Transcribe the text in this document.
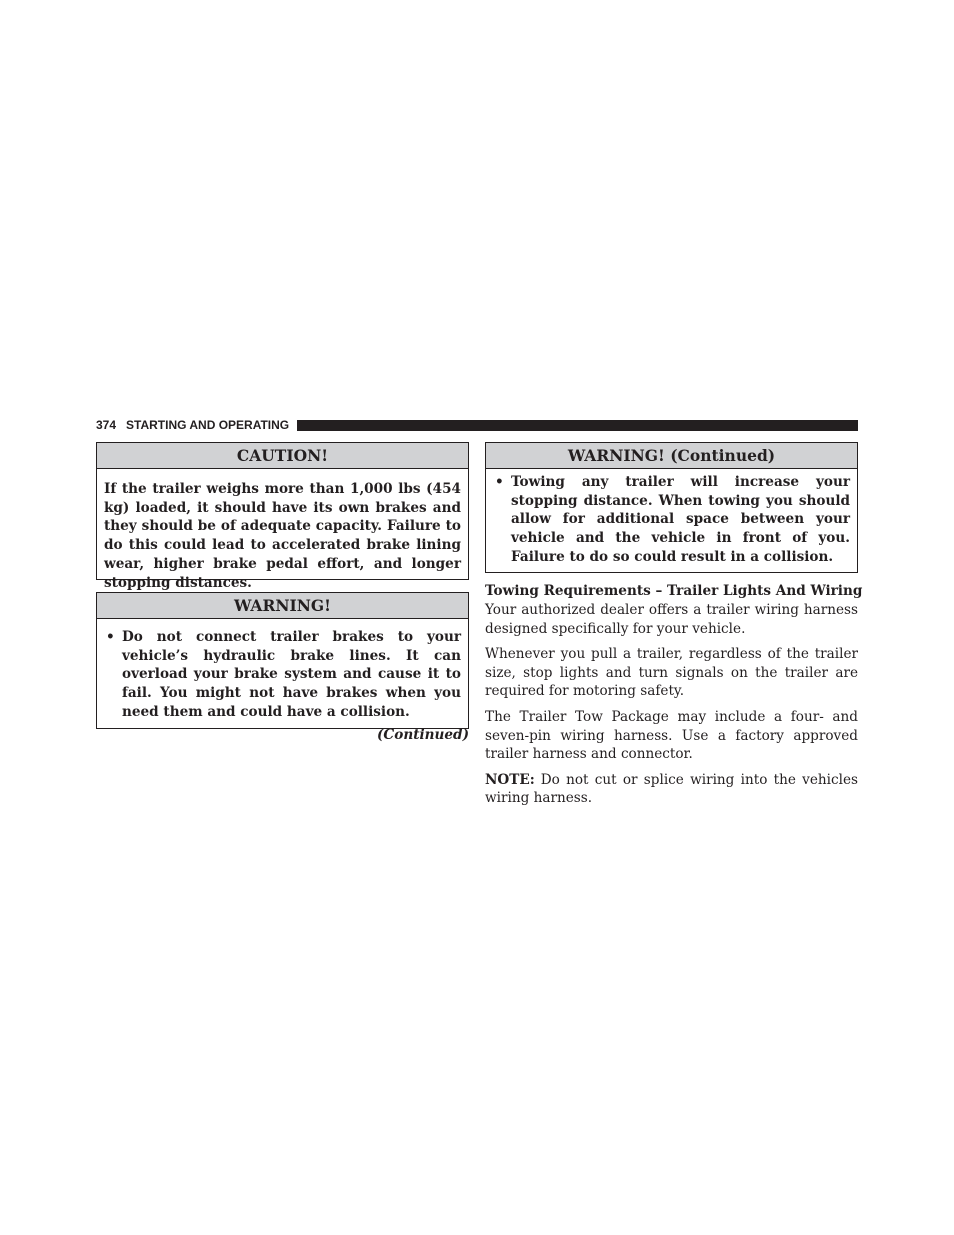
374 STARTING AND OPERATING
CAUTION!
If the trailer weighs more than 1,000 lbs (454 kg) loaded, it should have its own brakes and they should be of adequate capacity. Failure to do this could lead to accelerated brake lining wear, higher brake pedal effort, and longer stopping distances.
WARNING!
• Do not connect trailer brakes to your vehicle’s hydraulic brake lines. It can overload your brake system and cause it to fail. You might not have brakes when you need them and could have a collision.
(Continued)
WARNING! (Continued)
• Towing any trailer will increase your stopping distance. When towing you should allow for additional space between your vehicle and the vehicle in front of you. Failure to do so could result in a collision.

Towing Requirements – Trailer Lights And Wiring

Your authorized dealer offers a trailer wiring harness designed specifically for your vehicle.

Whenever you pull a trailer, regardless of the trailer size, stop lights and turn signals on the trailer are required for motoring safety.

The Trailer Tow Package may include a four- and seven-pin wiring harness. Use a factory approved trailer harness and connector.

NOTE: Do not cut or splice wiring into the vehicles wiring harness.
